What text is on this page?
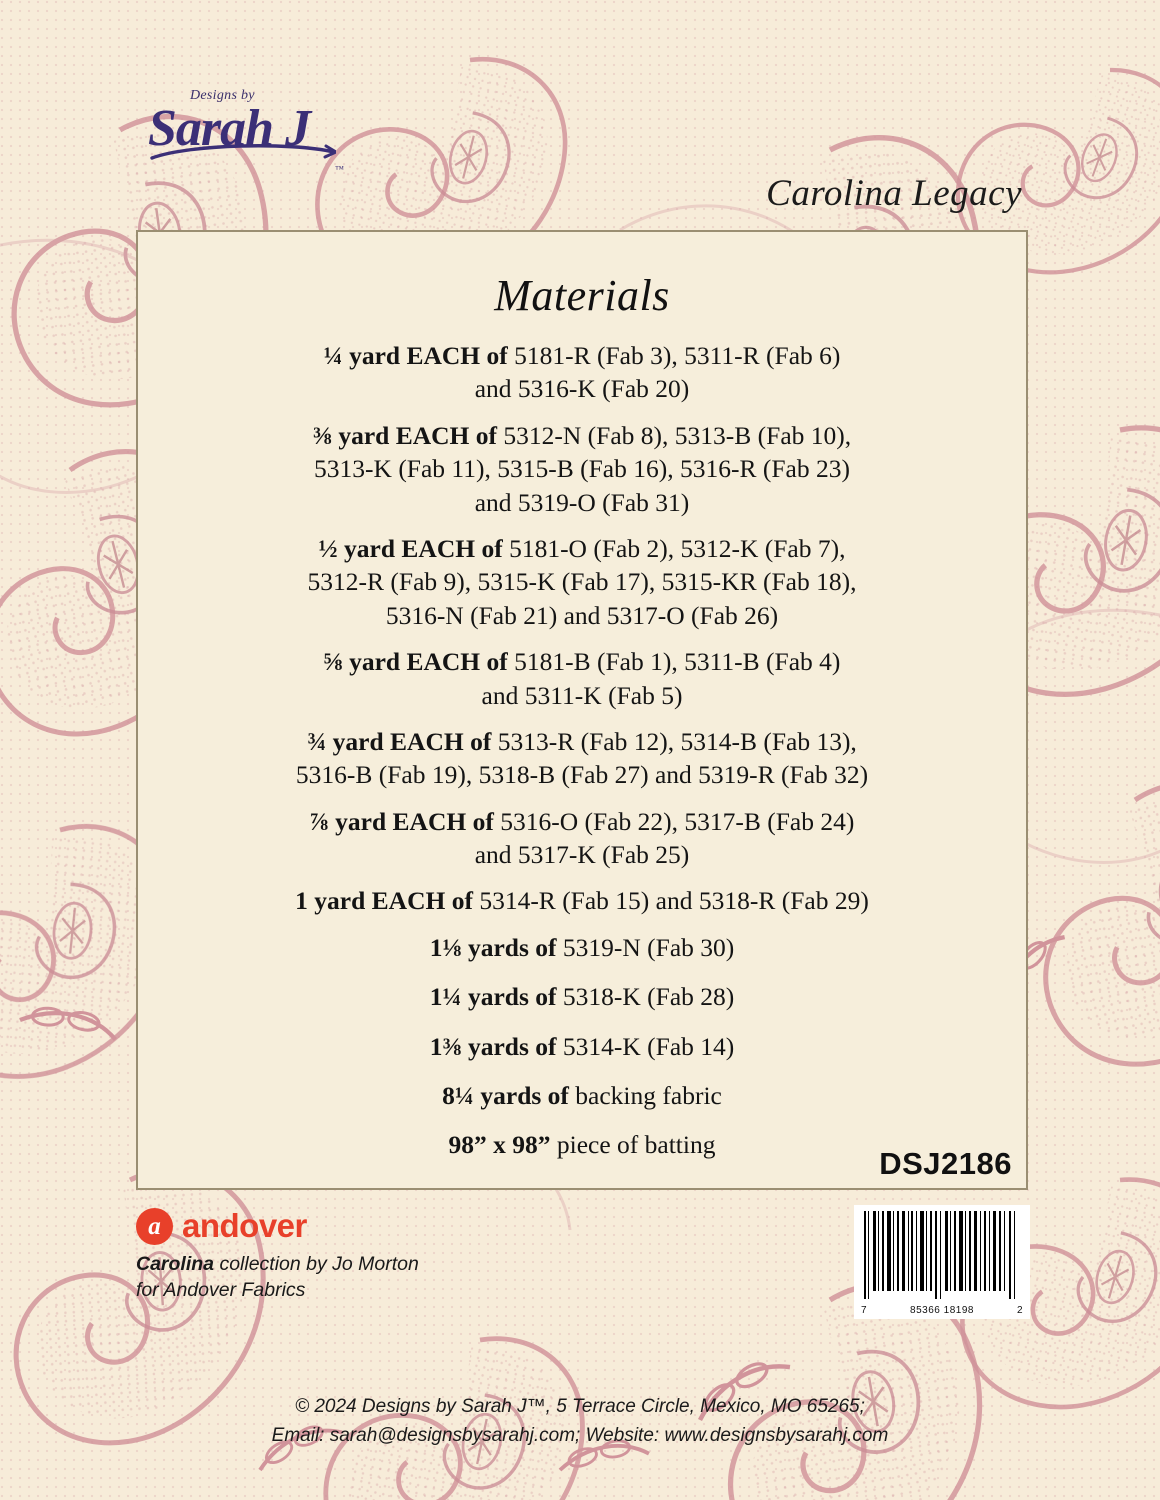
Designs by
Sarah J
™
Carolina Legacy
Materials

¼ yard EACH of 5181-R (Fab 3), 5311-R (Fab 6)

and 5316-K (Fab 20)

⅜ yard EACH of 5312-N (Fab 8), 5313-B (Fab 10),

5313-K (Fab 11), 5315-B (Fab 16), 5316-R (Fab 23)

and 5319-O (Fab 31)

½ yard EACH of 5181-O (Fab 2), 5312-K (Fab 7),

5312-R (Fab 9), 5315-K (Fab 17), 5315-KR (Fab 18),

5316-N (Fab 21) and 5317-O (Fab 26)

⅝ yard EACH of 5181-B (Fab 1), 5311-B (Fab 4)

and 5311-K (Fab 5)

¾ yard EACH of 5313-R (Fab 12), 5314-B (Fab 13),

5316-B (Fab 19), 5318-B (Fab 27) and 5319-R (Fab 32)

⅞ yard EACH of 5316-O (Fab 22), 5317-B (Fab 24)

and 5317-K (Fab 25)

1 yard EACH of 5314-R (Fab 15) and 5318-R (Fab 29)

1⅛ yards of 5319-N (Fab 30)

1¼ yards of 5318-K (Fab 28)

1⅜ yards of 5314-K (Fab 14)

8¼ yards of backing fabric

98” x 98” piece of batting

DSJ2186
a andover
Carolina collection by Jo Morton
for Andover Fabrics
7	85366 18198	2
© 2024 Designs by Sarah J™, 5 Terrace Circle, Mexico, MO 65265;
Email: sarah@designsbysarahj.com; Website: www.designsbysarahj.com
